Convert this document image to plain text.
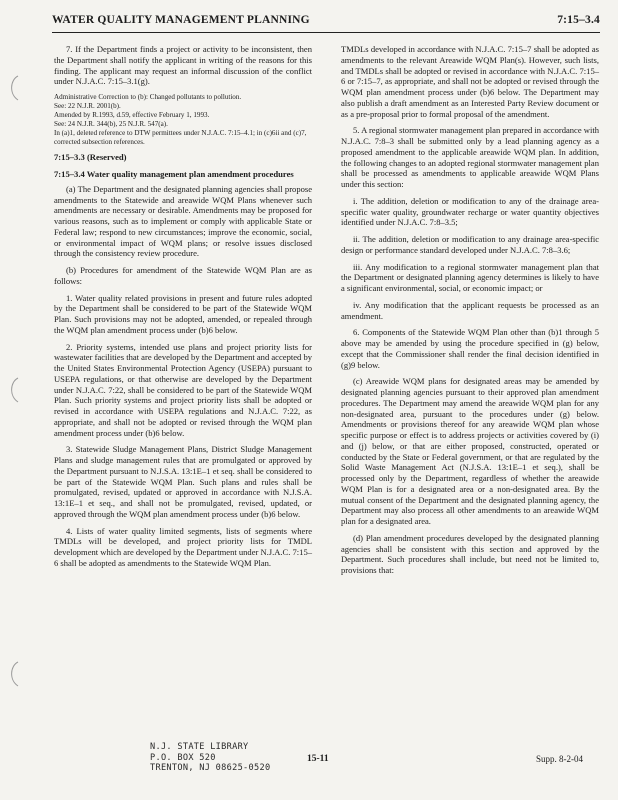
WATER QUALITY MANAGEMENT PLANNING	7:15–3.4

7. If the Department finds a project or activity to be inconsistent, then the Department shall notify the applicant in writing of the reasons for this finding. The applicant may request an informal discussion of the conflict under N.J.A.C. 7:15–3.1(g).

Administrative Correction to (b): Changed pollutants to pollution.
See: 22 N.J.R. 2001(b).
Amended by R.1993, d.59, effective February 1, 1993.
See: 24 N.J.R. 344(b), 25 N.J.R. 547(a).
In (a)1, deleted reference to DTW permittees under N.J.A.C. 7:15–4.1; in (c)6ii and (c)7, corrected subsection references.
7:15–3.3 (Reserved)
7:15–3.4 Water quality management plan amendment procedures

(a) The Department and the designated planning agencies shall propose amendments to the Statewide and areawide WQM Plans whenever such amendments are necessary or desirable. Amendments may be proposed for various reasons, such as to implement or comply with applicable State or Federal law; respond to new circumstances; improve the economic, social, or environmental impact of WQM plans; or resolve issues disclosed through the consistency review procedure.

(b) Procedures for amendment of the Statewide WQM Plan are as follows:

1. Water quality related provisions in present and future rules adopted by the Department shall be considered to be part of the Statewide WQM Plan. Such provisions may not be adopted, amended, or repealed through the WQM plan amendment process under (b)6 below.

2. Priority systems, intended use plans and project priority lists for wastewater facilities that are developed by the Department and accepted by the United States Environmental Protection Agency (USEPA) pursuant to USEPA regulations, or that otherwise are developed by the Department under N.J.A.C. 7:22, shall be considered to be part of the Statewide WQM Plan. Such priority systems and project priority lists shall be adopted or revised in accordance with USEPA regulations and N.J.A.C. 7:22, as appropriate, and shall not be adopted or revised through the WQM plan amendment process under (b)6 below.

3. Statewide Sludge Management Plans, District Sludge Management Plans and sludge management rules that are promulgated or approved by the Department pursuant to N.J.S.A. 13:1E–1 et seq. shall be considered to be part of the Statewide WQM Plan. Such plans and rules shall be promulgated, revised, updated or approved in accordance with N.J.S.A. 13:1E–1 et seq., and shall not be promulgated, revised, updated, or approved through the WQM plan amendment process under (b)6 below.

4. Lists of water quality limited segments, lists of segments where TMDLs will be developed, and project priority lists for TMDL development which are developed by the Department under N.J.A.C. 7:15–6 shall be adopted as amendments to the Statewide WQM Plan.

TMDLs developed in accordance with N.J.A.C. 7:15–7 shall be adopted as amendments to the relevant Areawide WQM Plan(s). However, such lists, and TMDLs shall be adopted or revised in accordance with N.J.A.C. 7:15–6 or 7:15–7, as appropriate, and shall not be adopted or revised through the WQM plan amendment process under (b)6 below. The Department may also publish a draft amendment as an Interested Party Review document or as a pre-proposal prior to formal proposal of the amendment.

5. A regional stormwater management plan prepared in accordance with N.J.A.C. 7:8–3 shall be submitted only by a lead planning agency as a proposed amendment to the applicable areawide WQM plan. In addition, the following changes to an adopted regional stormwater management plan shall be processed as amendments to applicable areawide WQM Plans under this section:

i. The addition, deletion or modification to any of the drainage area-specific water quality, groundwater recharge or water quantity objectives identified under N.J.A.C. 7:8–3.5;

ii. The addition, deletion or modification to any drainage area-specific design or performance standard developed under N.J.A.C. 7:8–3.6;

iii. Any modification to a regional stormwater management plan that the Department or designated planning agency determines is likely to have a significant environmental, social, or economic impact; or

iv. Any modification that the applicant requests be processed as an amendment.

6. Components of the Statewide WQM Plan other than (b)1 through 5 above may be amended by using the procedure specified in (g) below, except that the Commissioner shall render the final decision identified in (g)9 below.

(c) Areawide WQM plans for designated areas may be amended by designated planning agencies pursuant to their approved plan amendment procedures. The Department may amend the areawide WQM plan for any non-designated area, pursuant to the procedures under (g) below. Amendments or provisions thereof for any areawide WQM plan whose specific purpose or effect is to address projects or activities covered by (i) and (j) below, or that are either proposed, constructed, operated or conducted by the State or Federal government, or that are regulated by the Solid Waste Management Act (N.J.S.A. 13:1E–1 et seq.), shall be processed only by the Department, regardless of whether the areawide WQM Plan is for a designated area or a non-designated area. By the mutual consent of the Department and the designated planning agency, the Department may also process all other amendments to an areawide WQM plan for a designated area.

(d) Plan amendment procedures developed by the designated planning agencies shall be consistent with this section and approved by the Department. Such procedures shall include, but need not be limited to, provisions that:

N.J. STATE LIBRARY
P.O. BOX 520
TRENTON, NJ 08625-0520
15-11	Supp. 8-2-04
